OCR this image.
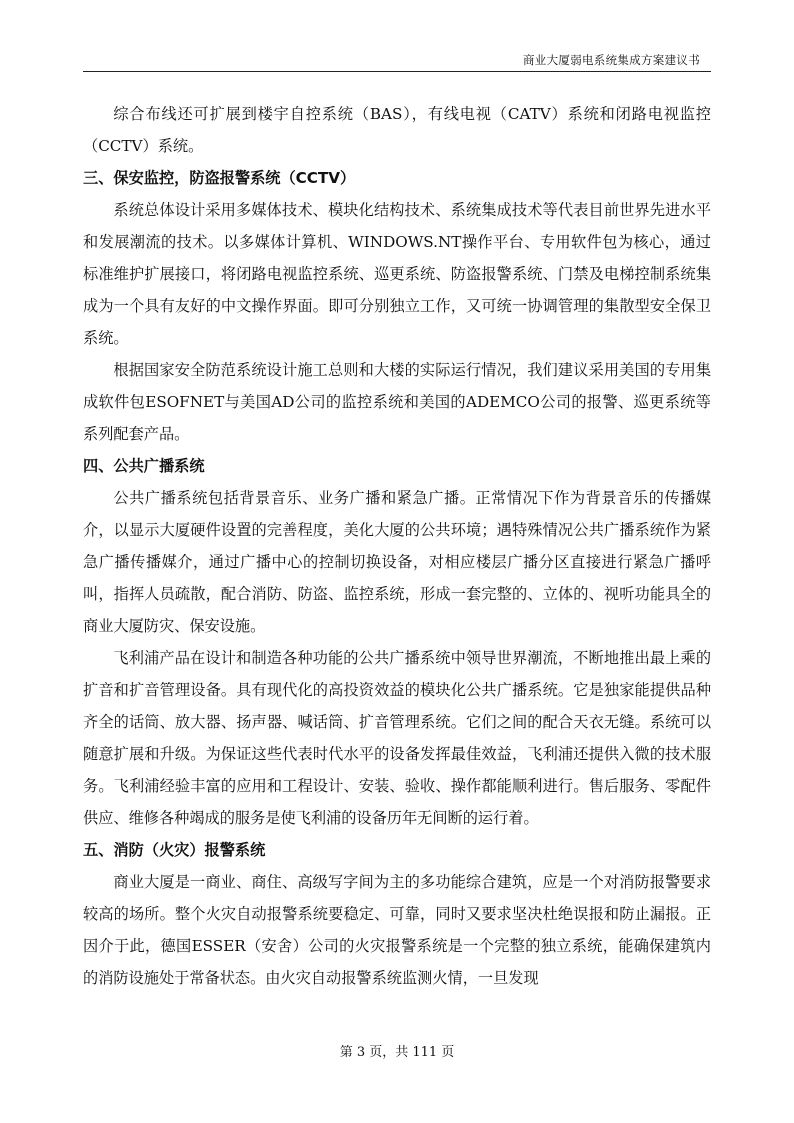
商业大厦弱电系统集成方案建议书

综合布线还可扩展到楼宇自控系统（BAS），有线电视（CATV）系统和闭路电视监控（CCTV）系统。

三、保安监控，防盗报警系统（CCTV）

系统总体设计采用多媒体技术、模块化结构技术、系统集成技术等代表目前世界先进水平和发展潮流的技术。以多媒体计算机、WINDOWS.NT操作平台、专用软件包为核心，通过标准维护扩展接口，将闭路电视监控系统、巡更系统、防盗报警系统、门禁及电梯控制系统集成为一个具有友好的中文操作界面。即可分别独立工作，又可统一协调管理的集散型安全保卫系统。

根据国家安全防范系统设计施工总则和大楼的实际运行情况，我们建议采用美国的专用集成软件包ESOFNET与美国AD公司的监控系统和美国的ADEMCO公司的报警、巡更系统等系列配套产品。

四、公共广播系统

公共广播系统包括背景音乐、业务广播和紧急广播。正常情况下作为背景音乐的传播媒介，以显示大厦硬件设置的完善程度，美化大厦的公共环境；遇特殊情况公共广播系统作为紧急广播传播媒介，通过广播中心的控制切换设备，对相应楼层广播分区直接进行紧急广播呼叫，指挥人员疏散，配合消防、防盗、监控系统，形成一套完整的、立体的、视听功能具全的商业大厦防灾、保安设施。

飞利浦产品在设计和制造各种功能的公共广播系统中领导世界潮流，不断地推出最上乘的扩音和扩音管理设备。具有现代化的高投资效益的模块化公共广播系统。它是独家能提供品种齐全的话筒、放大器、扬声器、喊话筒、扩音管理系统。它们之间的配合天衣无缝。系统可以随意扩展和升级。为保证这些代表时代水平的设备发挥最佳效益，飞利浦还提供入微的技术服务。飞利浦经验丰富的应用和工程设计、安装、验收、操作都能顺利进行。售后服务、零配件供应、维修各种竭成的服务是使飞利浦的设备历年无间断的运行着。

五、消防（火灾）报警系统

商业大厦是一商业、商住、高级写字间为主的多功能综合建筑，应是一个对消防报警要求较高的场所。整个火灾自动报警系统要稳定、可靠，同时又要求坚决杜绝误报和防止漏报。正因介于此，德国ESSER（安舍）公司的火灾报警系统是一个完整的独立系统，能确保建筑内的消防设施处于常备状态。由火灾自动报警系统监测火情，一旦发现

第 3 页，共 111 页
